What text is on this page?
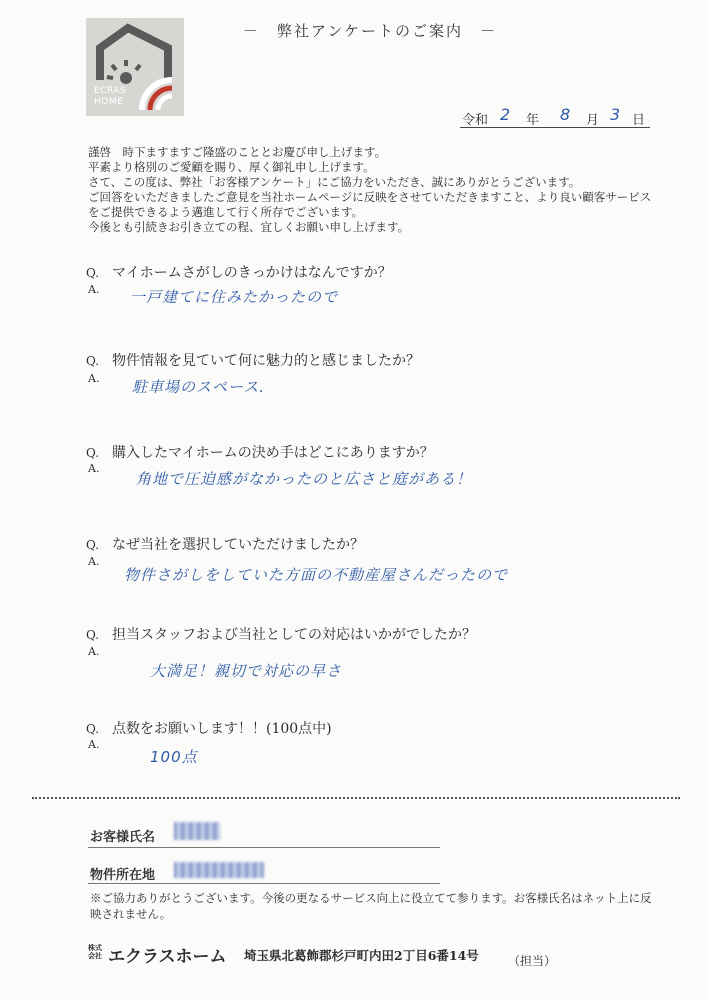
ECRAS
HOME
－　弊社アンケートのご案内　－
令和 2 年 8 月 3 日
謹啓　時下ますますご隆盛のこととお慶び申し上げます。
平素より格別のご愛顧を賜り、厚く御礼申し上げます。
さて、この度は、弊社「お客様アンケート」にご協力をいただき、誠にありがとうございます。
ご回答をいただきましたご意見を当社ホームページに反映をさせていただきますこと、より良い顧客サービス
をご提供できるよう邁進して行く所存でございます。
今後とも引続きお引き立ての程、宜しくお願い申し上げます。
Q. マイホームさがしのきっかけはなんですか？
A. 一戸建てに住みたかったので
Q. 物件情報を見ていて何に魅力的と感じましたか？
A. 駐車場のスペース.
Q. 購入したマイホームの決め手はどこにありますか？
A.
角地で圧迫感がなかったのと広さと庭がある！
Q. なぜ当社を選択していただけましたか？
A.
物件さがしをしていた方面の不動産屋さんだったので
Q. 担当スタッフおよび当社としての対応はいかがでしたか？
A.
大満足！親切で対応の早さ
Q. 点数をお願いします！！(100点中)
A.
100点
お客様氏名
物件所在地
※ご協力ありがとうございます。今後の更なるサービス向上に役立てて参ります。お客様氏名はネット上に反
映されません。
株式
会社 エクラスホーム 埼玉県北葛飾郡杉戸町内田2丁目6番14号 （担当）
